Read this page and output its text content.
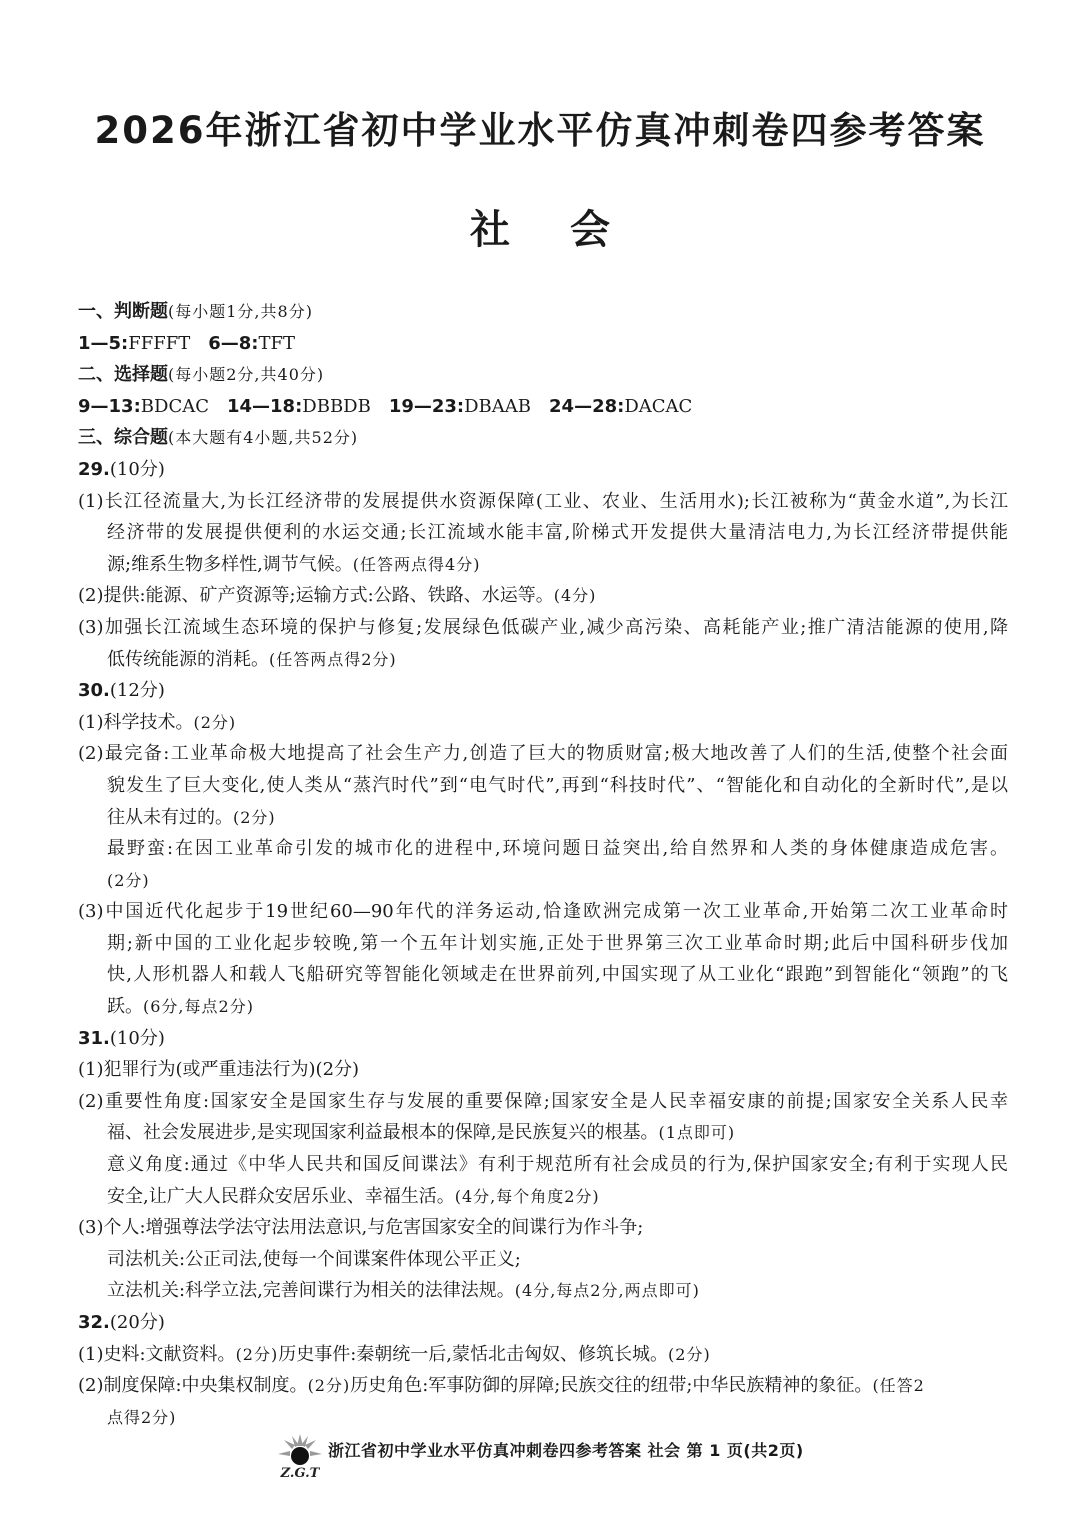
2026年浙江省初中学业水平仿真冲刺卷四参考答案
社会
一、判断题(每小题1分,共8分)
1—5:FFFFT 6—8:TFT
二、选择题(每小题2分,共40分)
9—13:BDCAC 14—18:DBBDB 19—23:DBAAB 24—28:DACAC
三、综合题(本大题有4小题,共52分)
29.(10分)
(1)长江径流量大,为长江经济带的发展提供水资源保障(工业、农业、生活用水);长江被称为“黄金水道”,为长江
经济带的发展提供便利的水运交通;长江流域水能丰富,阶梯式开发提供大量清洁电力,为长江经济带提供能
源;维系生物多样性,调节气候。(任答两点得4分)
(2)提供:能源、矿产资源等;运输方式:公路、铁路、水运等。(4分)
(3)加强长江流域生态环境的保护与修复;发展绿色低碳产业,减少高污染、高耗能产业;推广清洁能源的使用,降
低传统能源的消耗。(任答两点得2分)
30.(12分)
(1)科学技术。(2分)
(2)最完备:工业革命极大地提高了社会生产力,创造了巨大的物质财富;极大地改善了人们的生活,使整个社会面
貌发生了巨大变化,使人类从“蒸汽时代”到“电气时代”,再到“科技时代”、“智能化和自动化的全新时代”,是以
往从未有过的。(2分)
最野蛮:在因工业革命引发的城市化的进程中,环境问题日益突出,给自然界和人类的身体健康造成危害。
(2分)
(3)中国近代化起步于19世纪60—90年代的洋务运动,恰逢欧洲完成第一次工业革命,开始第二次工业革命时
期;新中国的工业化起步较晚,第一个五年计划实施,正处于世界第三次工业革命时期;此后中国科研步伐加
快,人形机器人和载人飞船研究等智能化领域走在世界前列,中国实现了从工业化“跟跑”到智能化“领跑”的飞
跃。(6分,每点2分)
31.(10分)
(1)犯罪行为(或严重违法行为)(2分)
(2)重要性角度:国家安全是国家生存与发展的重要保障;国家安全是人民幸福安康的前提;国家安全关系人民幸
福、社会发展进步,是实现国家利益最根本的保障,是民族复兴的根基。(1点即可)
意义角度:通过《中华人民共和国反间谍法》有利于规范所有社会成员的行为,保护国家安全;有利于实现人民
安全,让广大人民群众安居乐业、幸福生活。(4分,每个角度2分)
(3)个人:增强尊法学法守法用法意识,与危害国家安全的间谍行为作斗争;
司法机关:公正司法,使每一个间谍案件体现公平正义;
立法机关:科学立法,完善间谍行为相关的法律法规。(4分,每点2分,两点即可)
32.(20分)
(1)史料:文献资料。(2分)历史事件:秦朝统一后,蒙恬北击匈奴、修筑长城。(2分)
(2)制度保障:中央集权制度。(2分)历史角色:军事防御的屏障;民族交往的纽带;中华民族精神的象征。(任答2
点得2分)
Z.G.T
浙江省初中学业水平仿真冲刺卷四参考答案 社会 第 1 页(共2页)
